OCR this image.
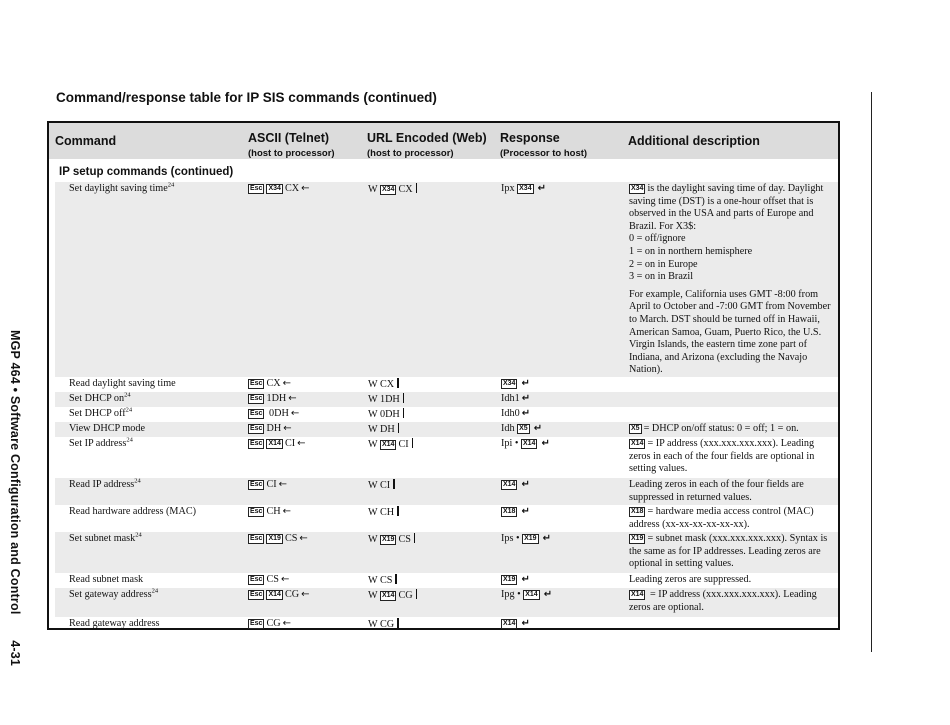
MGP 464 • Software Configuration and Control 4-31
Command/response table for IP SIS commands (continued)
Command	ASCII (Telnet)
(host to processor)
URL Encoded (Web)
(host to processor)
Response
(Processor to host)
Additional description
IP setup commands (continued)
Set daylight saving time$^{24}$	Esc X34 CX ←	W X34 CX	Ipx X34 ↵	X34 is the daylight saving time of day. Daylight saving time (DST) is a one-hour offset that is observed in the USA and parts of Europe and Brazil. For X3$:
0 = off/ignore
1 = on in northern hemisphere
2 = on in Europe
3 = on in Brazil

For example, California uses GMT -8:00 from April to October and -7:00 GMT from November to March. DST should be turned off in Hawaii, American Samoa, Guam, Puerto Rico, the U.S. Virgin Islands, the eastern time zone part of Indiana, and Arizona (excluding the Navajo Nation).

Read daylight saving time	Esc CX ←	W CX	X34 ↵
Set DHCP $on^{24}$	Esc 1DH ←	W 1DH	Idh1 ↵
Set DHCP off$^{24}$	Esc 0DH ←	W 0DH	Idh0 ↵
View DHCP mode	Esc DH ←	W DH	Idh X5 ↵	X5 = DHCP on/off status: 0 = off; 1 = on.
Set IP address$^{24}$	Esc X14 CI ←	W X14 CI	Ipi • X14 ↵	X14 = IP address (xxx.xxx.xxx.xxx). Leading zeros in each of the four fields are optional in setting values.
Read IP address$^{24}$	Esc CI ←	W CI	X14 ↵	Leading zeros in each of the four fields are suppressed in returned values.
Read hardware address (MAC)	Esc CH ←	W CH	X18 ↵	X18 = hardware media access control (MAC) address (xx-xx-xx-xx-xx-xx).
Set subnet mask$^{24}$	Esc X19 CS ←	W X19 CS	Ips • X19 ↵	X19 = subnet mask (xxx.xxx.xxx.xxx). Syntax is the same as for IP addresses. Leading zeros are optional in setting values.
Read subnet mask	Esc CS ←	W CS	X19 ↵	Leading zeros are suppressed.
Set gateway address$^{24}$	Esc X14 CG ←	W X14 CG	Ipg • X14 ↵	X14 = IP address (xxx.xxx.xxx.xxx). Leading zeros are optional.
Read gateway address	Esc CG ←	W CG	X14 ↵
